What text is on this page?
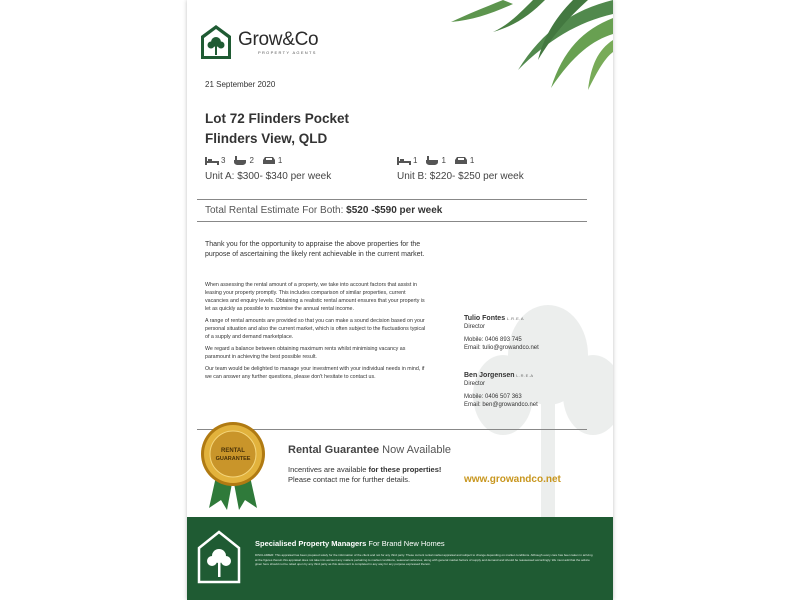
Grow&Co
PROPERTY AGENTS
21 September 2020
Lot 72 Flinders Pocket
Flinders View, QLD
3	2	1
Unit A: $300- $340 per week
1	1	1
Unit B: $220- $250 per week
Total Rental Estimate For Both: $520 -$590 per week
Thank you for the opportunity to appraise the above properties for the purpose of ascertaining the likely rent achievable in the current market.

When assessing the rental amount of a property, we take into account factors that assist in leasing your property promptly. This includes comparison of similar properties, current vacancies and enquiry levels. Obtaining a realistic rental amount ensures that your property is let as quickly as possible to maximise the annual rental income.

A range of rental amounts are provided so that you can make a sound decision based on your personal situation and also the current market, which is often subject to the fluctuations typical of a supply and demand marketplace.

We regard a balance between obtaining maximum rents whilst minimising vacancy as paramount in achieving the best possible result.

Our team would be delighted to manage your investment with your individual needs in mind, if we can answer any further questions, please don't hesitate to contact us.

Tulio Fontes L.R.E.A
Director
Mobile: 0406 893 745
Email: tulio@growandco.net
Ben Jorgensen L.R.E.A
Director
Mobile: 0406 507 363
Email: ben@growandco.net
RENTAL
GUARANTEE
Rental Guarantee Now Available
Incentives are available for these properties!
Please contact me for further details.	www.growandco.net
Specialised Property Managers For Brand New Homes
DISCLAIMER: This appraisal has been prepared solely for the information of the client and not for any third party. These current rental market appraisal and subject to change depending on market conditions. Although every care has been taken in arriving at the figures therein this appraisal does not take into account any matters pertaining to market conditions, seasonal variances, along with general market factors of supply and demand and should be reassessed accordingly. We must add that the advice given here should not be relied upon by any third party as this document is completed in any way for any purpose expressed therein.
